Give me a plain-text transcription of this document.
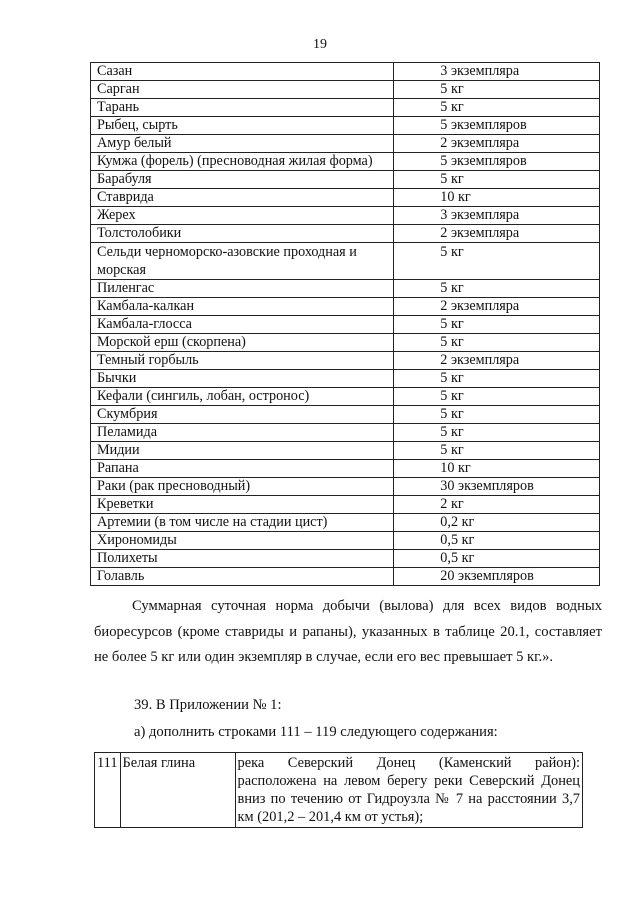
19
Сазан	3 экземпляра
Сарган	5 кг
Тарань	5 кг
Рыбец, сырть	5 экземпляров
Амур белый	2 экземпляра
Кумжа (форель) (пресноводная жилая форма)	5 экземпляров
Барабуля	5 кг
Ставрида	10 кг
Жерех	3 экземпляра
Толстолобики	2 экземпляра
Сельди черноморско-азовские проходная и морская	5 кг
Пиленгас	5 кг
Камбала-калкан	2 экземпляра
Камбала-глосса	5 кг
Морской ерш (скорпена)	5 кг
Темный горбыль	2 экземпляра
Бычки	5 кг
Кефали (сингиль, лобан, остронос)	5 кг
Скумбрия	5 кг
Пеламида	5 кг
Мидии	5 кг
Рапана	10 кг
Раки (рак пресноводный)	30 экземпляров
Креветки	2 кг
Артемии (в том числе на стадии цист)	0,2 кг
Хирономиды	0,5 кг
Полихеты	0,5 кг
Голавль	20 экземпляров

Суммарная суточная норма добычи (вылова) для всех видов водных биоресурсов (кроме ставриды и рапаны), указанных в таблице 20.1, составляет не более 5 кг или один экземпляр в случае, если его вес превышает 5 кг.».

39. В Приложении № 1:

а) дополнить строками 111 – 119 следующего содержания:

111	Белая глина	река Северский Донец (Каменский район): расположена на левом берегу реки Северский Донец вниз по течению от Гидроузла № 7 на расстоянии 3,7 км (201,2 – 201,4 км от устья);
